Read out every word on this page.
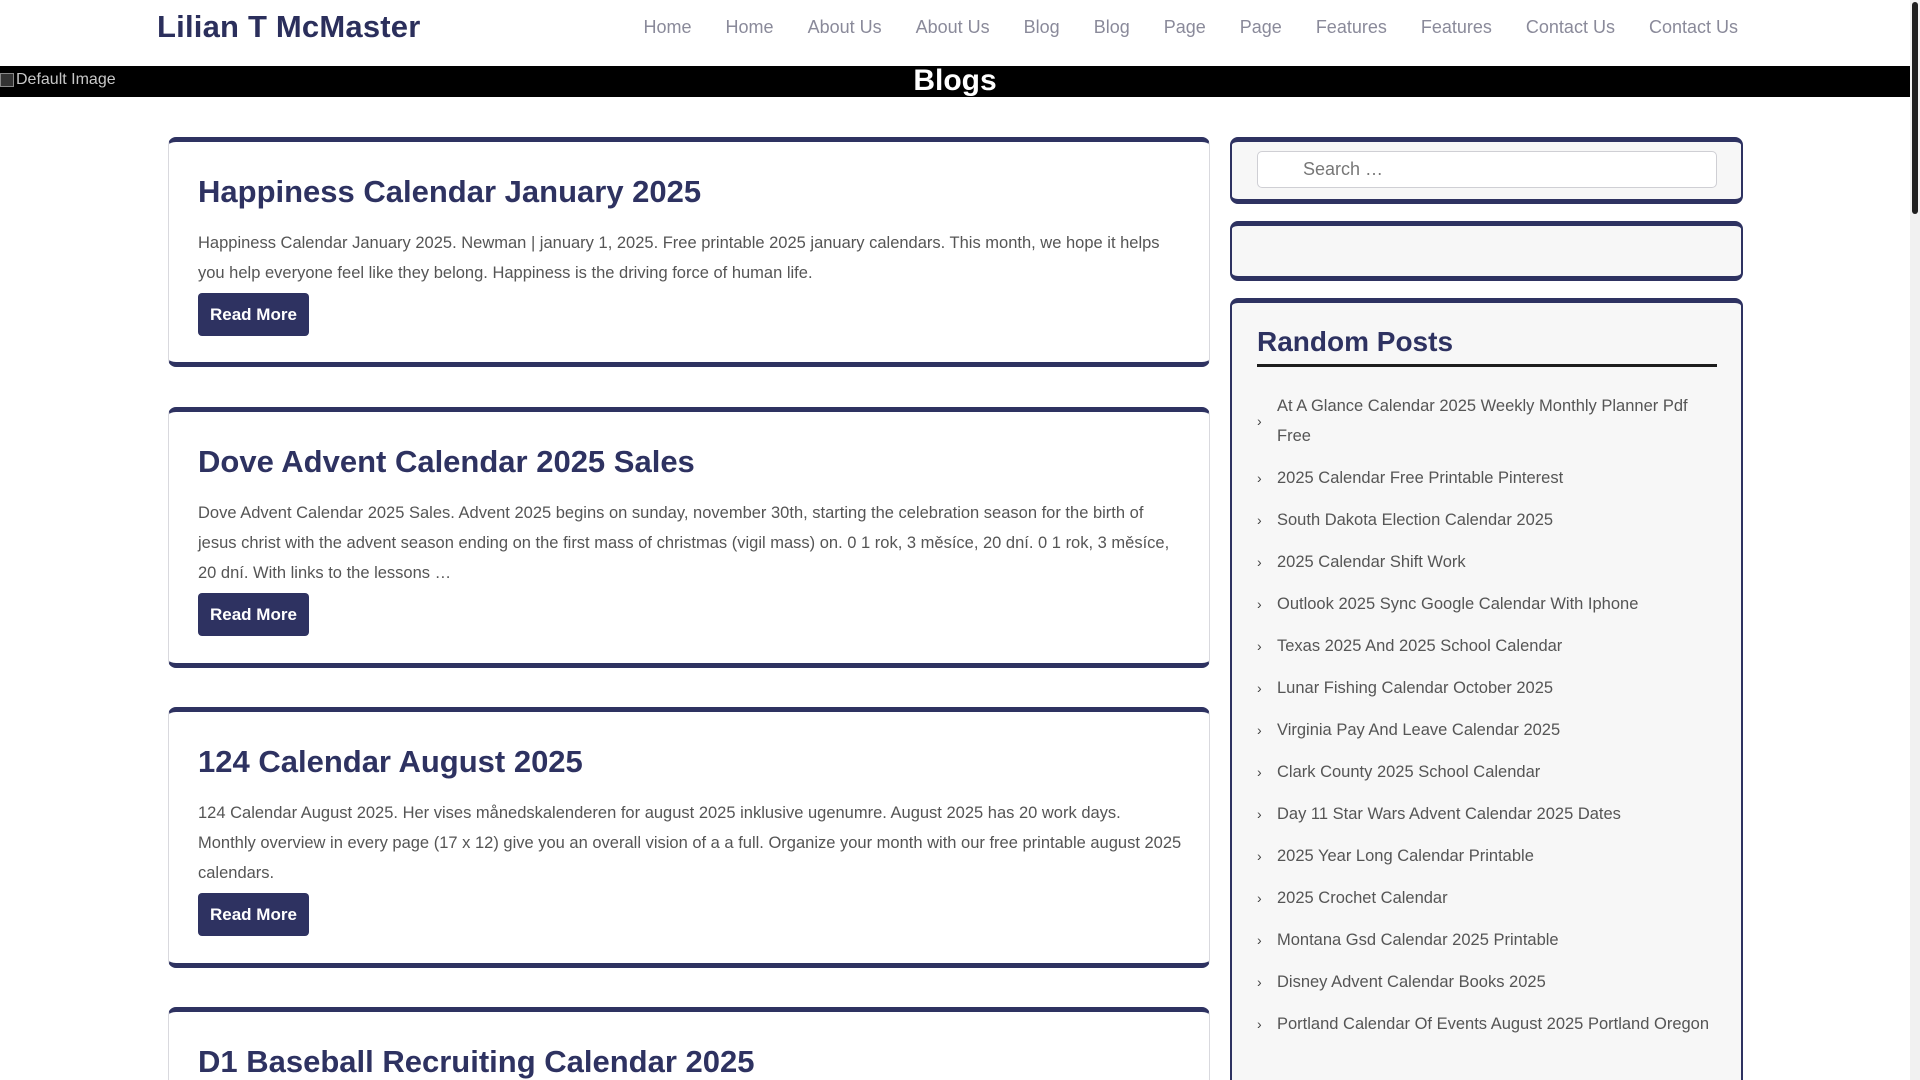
Lilian T McMaster	Home Home About Us About Us Blog Blog Page Page Features Features Contact Us Contact Us
Default Image	Blogs
Happiness Calendar January 2025
Happiness Calendar January 2025. Newman | january 1, 2025. Free printable 2025 january calendars. This month, we hope it helps you help everyone feel like they belong. Happiness is the driving force of human life.
Read More
Dove Advent Calendar 2025 Sales
Dove Advent Calendar 2025 Sales. Advent 2025 begins on sunday, november 30th, starting the celebration season for the birth of jesus christ with the advent season ending on the first mass of christmas (vigil mass) on. 0 1 rok, 3 měsíce, 20 dní. 0 1 rok, 3 měsíce, 20 dní. With links to the lessons …
Read More
124 Calendar August 2025
124 Calendar August 2025. Her vises månedskalenderen for august 2025 inklusive ugenumre. August 2025 has 20 work days. Monthly overview in every page (17 x 12) give you an overall vision of a a full. Organize your month with our free printable august 2025 calendars.
Read More
D1 Baseball Recruiting Calendar 2025
Search …
Random Posts
›
At A Glance Calendar 2025 Weekly Monthly Planner Pdf Free
› 2025 Calendar Free Printable Pinterest
› South Dakota Election Calendar 2025
› 2025 Calendar Shift Work
› Outlook 2025 Sync Google Calendar With Iphone
› Texas 2025 And 2025 School Calendar
› Lunar Fishing Calendar October 2025
› Virginia Pay And Leave Calendar 2025
› Clark County 2025 School Calendar
› Day 11 Star Wars Advent Calendar 2025 Dates
› 2025 Year Long Calendar Printable
› 2025 Crochet Calendar
› Montana Gsd Calendar 2025 Printable
› Disney Advent Calendar Books 2025
› Portland Calendar Of Events August 2025 Portland Oregon
